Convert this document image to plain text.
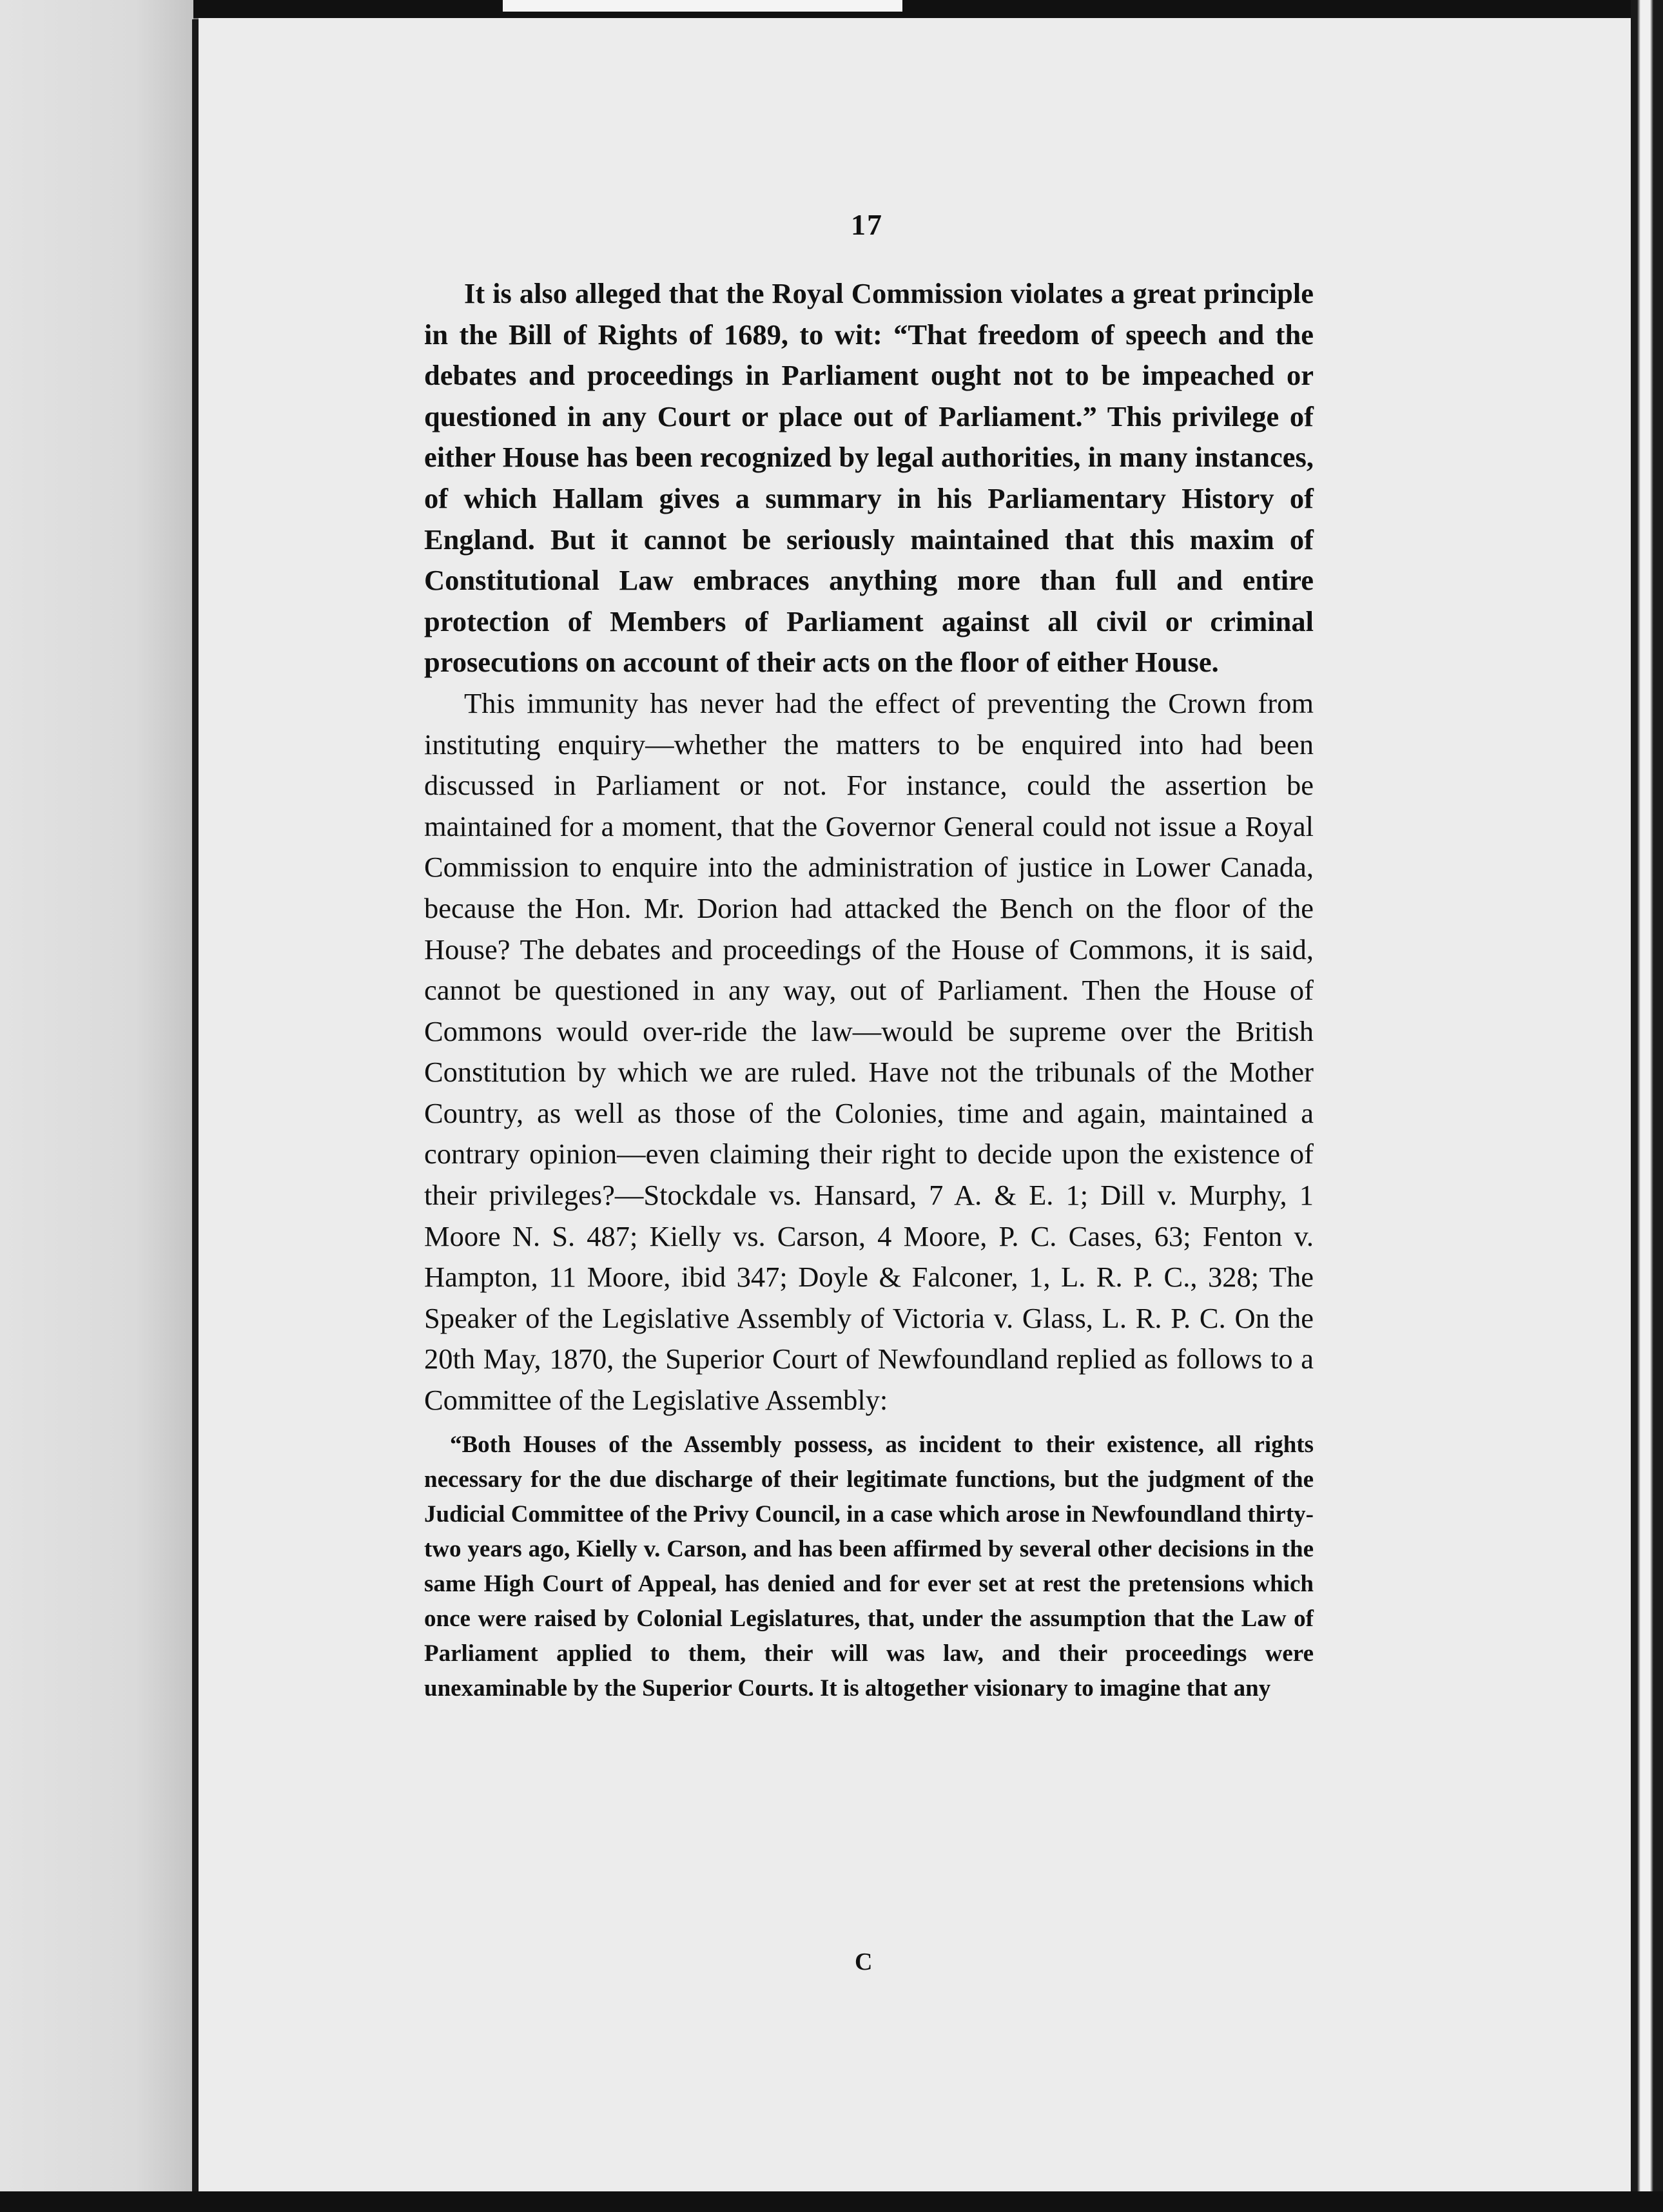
17

It is also alleged that the Royal Commission violates a great principle in the Bill of Rights of 1689, to wit: “That freedom of speech and the debates and proceedings in Parliament ought not to be impeached or questioned in any Court or place out of Parliament.” This privilege of either House has been recognized by legal authorities, in many instances, of which Hallam gives a summary in his Parliamentary History of England. But it cannot be seriously maintained that this maxim of Constitutional Law embraces anything more than full and entire protection of Members of Parliament against all civil or criminal prosecutions on account of their acts on the floor of either House.

This immunity has never had the effect of preventing the Crown from instituting enquiry—whether the matters to be enquired into had been discussed in Parliament or not. For instance, could the assertion be maintained for a moment, that the Governor General could not issue a Royal Commission to enquire into the administration of justice in Lower Canada, because the Hon. Mr. Dorion had attacked the Bench on the floor of the House? The debates and proceedings of the House of Commons, it is said, cannot be questioned in any way, out of Parliament. Then the House of Commons would over-ride the law—would be supreme over the British Constitution by which we are ruled. Have not the tribunals of the Mother Country, as well as those of the Colonies, time and again, maintained a contrary opinion—even claiming their right to decide upon the existence of their privileges?—Stockdale vs. Hansard, 7 A. & E. 1; Dill v. Murphy, 1 Moore N. S. 487; Kielly vs. Carson, 4 Moore, P. C. Cases, 63; Fenton v. Hampton, 11 Moore, ibid 347; Doyle & Falconer, 1, L. R. P. C., 328; The Speaker of the Legislative Assembly of Victoria v. Glass, L. R. P. C. On the 20th May, 1870, the Superior Court of Newfoundland replied as follows to a Committee of the Legislative Assembly:

“Both Houses of the Assembly possess, as incident to their existence, all rights necessary for the due discharge of their legitimate functions, but the judgment of the Judicial Committee of the Privy Council, in a case which arose in Newfoundland thirty-two years ago, Kielly v. Carson, and has been affirmed by several other decisions in the same High Court of Appeal, has denied and for ever set at rest the pretensions which once were raised by Colonial Legislatures, that, under the assumption that the Law of Parliament applied to them, their will was law, and their proceedings were unexaminable by the Superior Courts. It is altogether visionary to imagine that any

C
